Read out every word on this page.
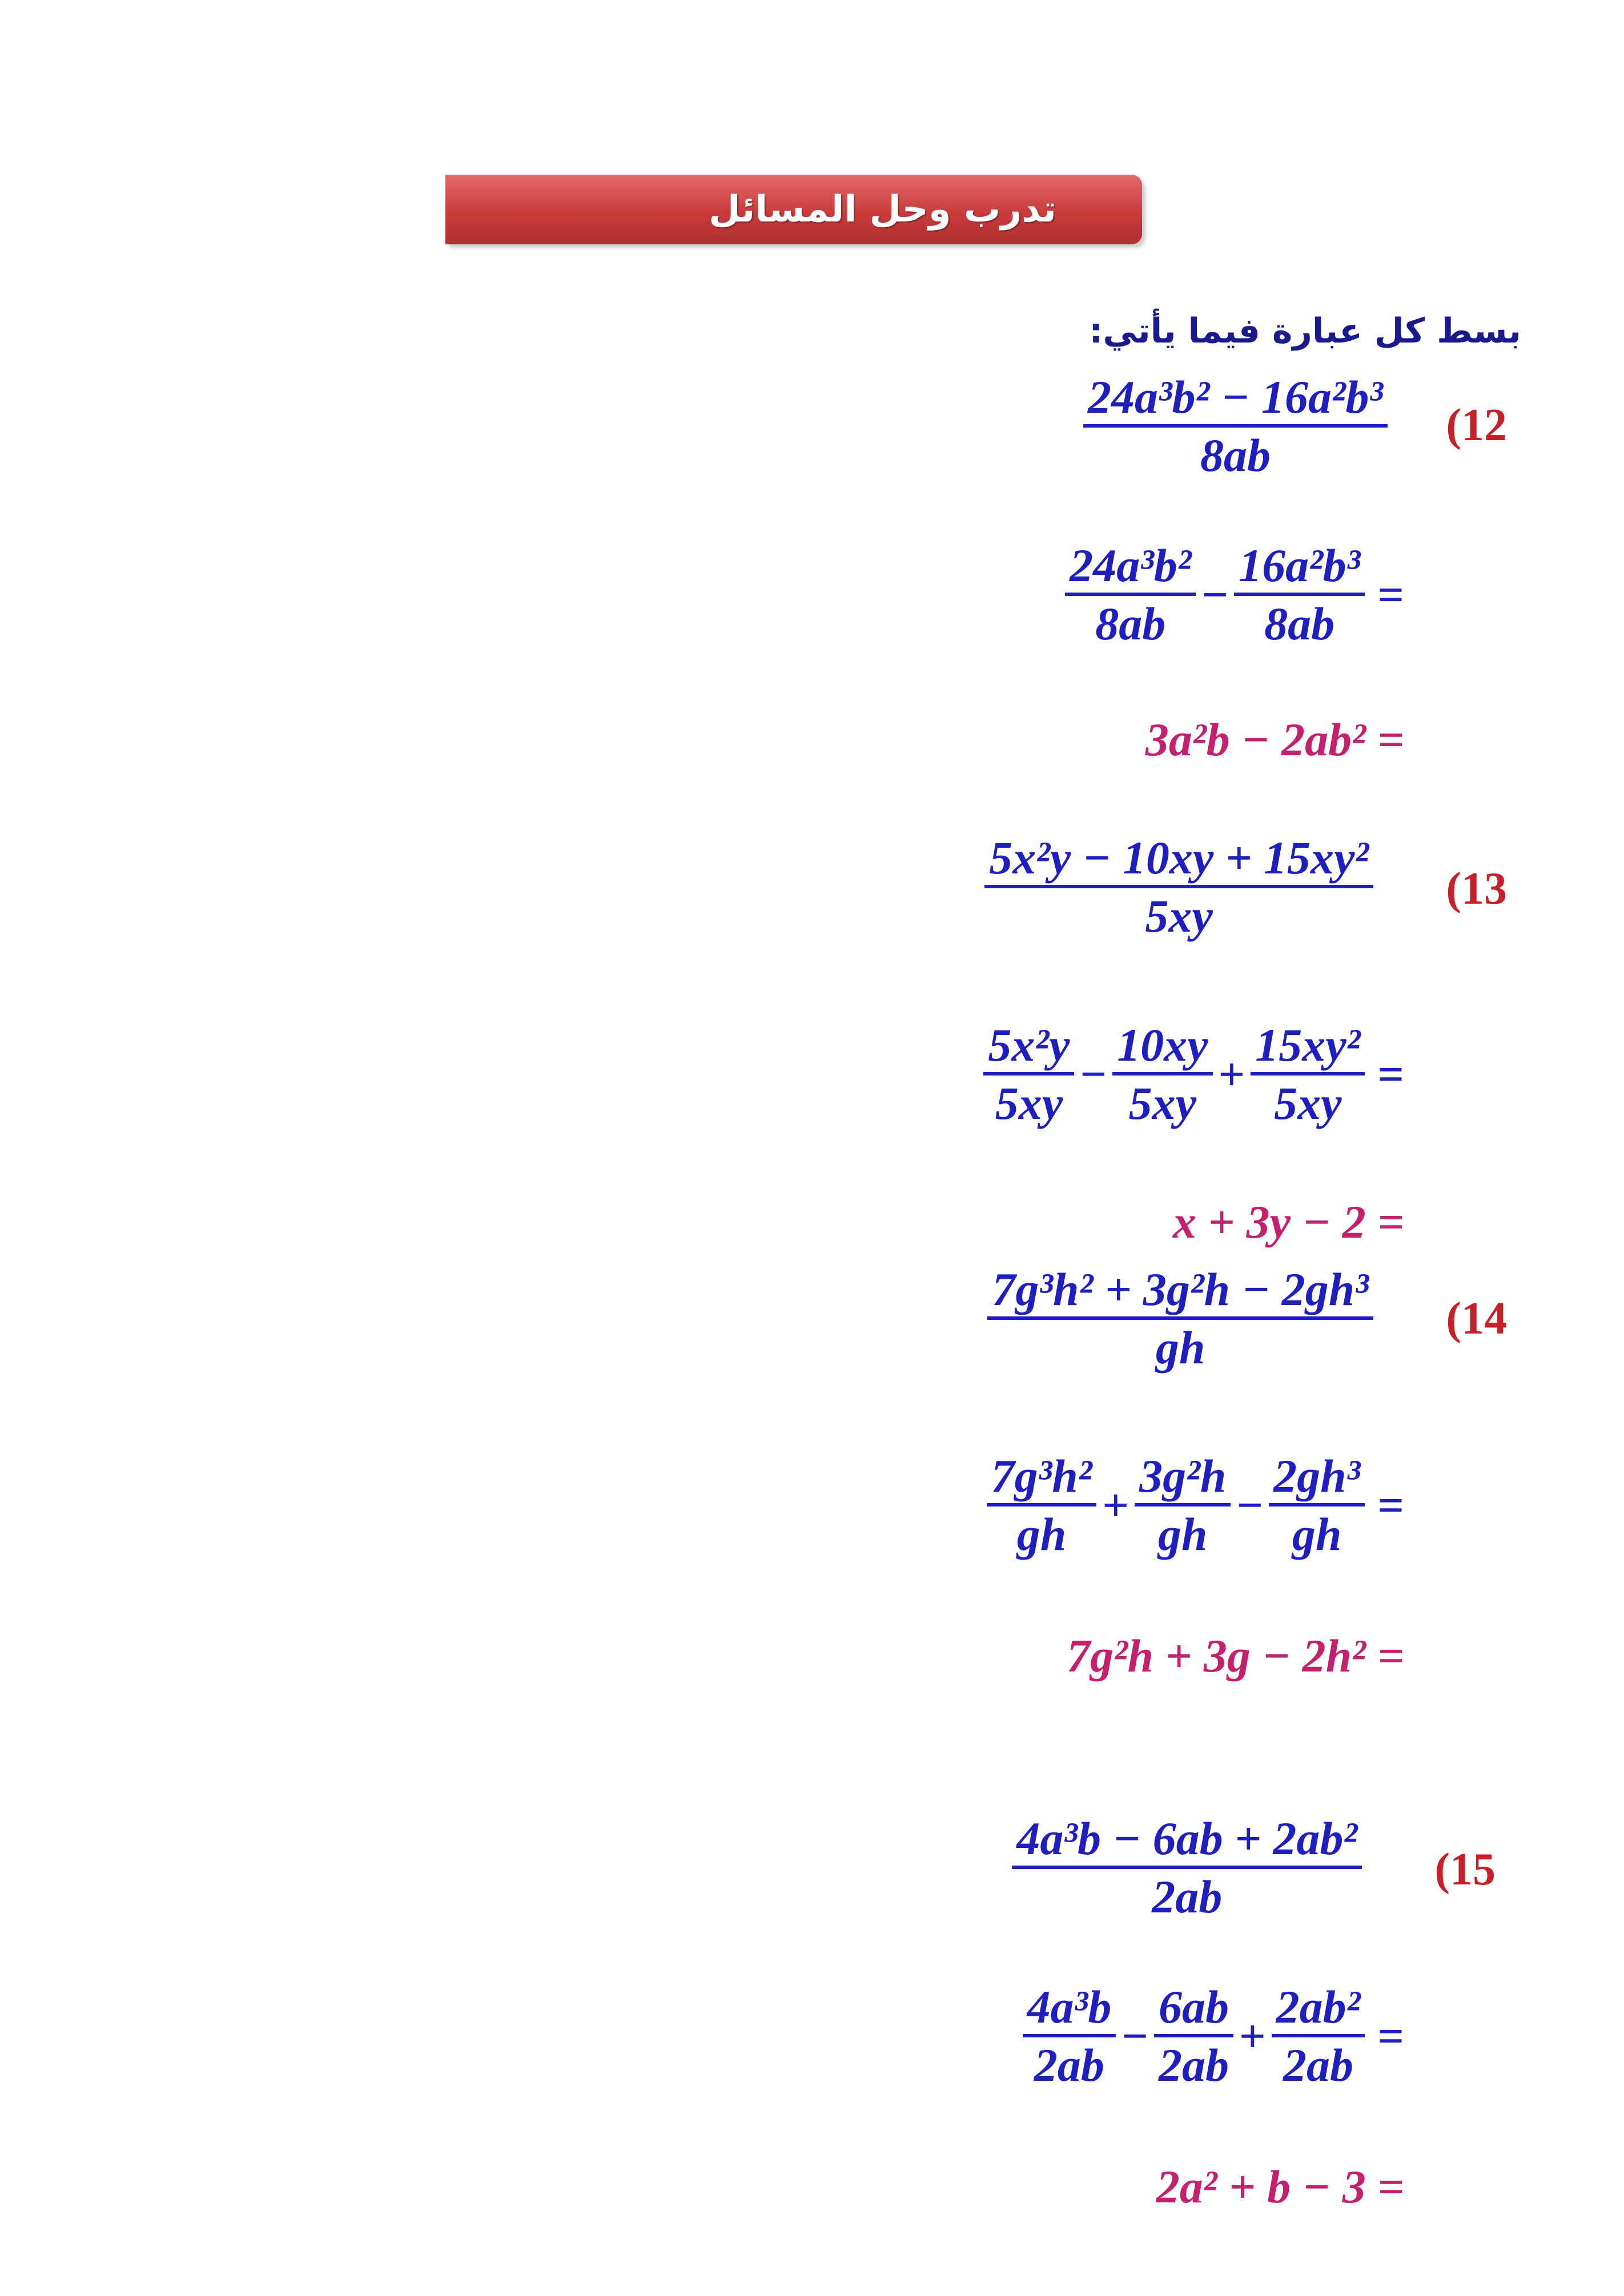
تدرب وحل المسائل
بسط كل عبارة فيما يأتي:
(12
24a³b² − 16a²b³
8ab
24a³b²
8ab
−
16a²b³
8ab
=
3a²b − 2ab² =
(13
5x²y − 10xy + 15xy²
5xy
5x²y
5xy
−
10xy
5xy
+
15xy²
5xy
=
x + 3y − 2 =
(14
7g³h² + 3g²h − 2gh³
gh
7g³h²
gh
+
3g²h
gh
−
2gh³
gh
=
7g²h + 3g − 2h² =
(15
4a³b − 6ab + 2ab²
2ab
4a³b
2ab
−
6ab
2ab
+
2ab²
2ab
=
2a² + b − 3 =
